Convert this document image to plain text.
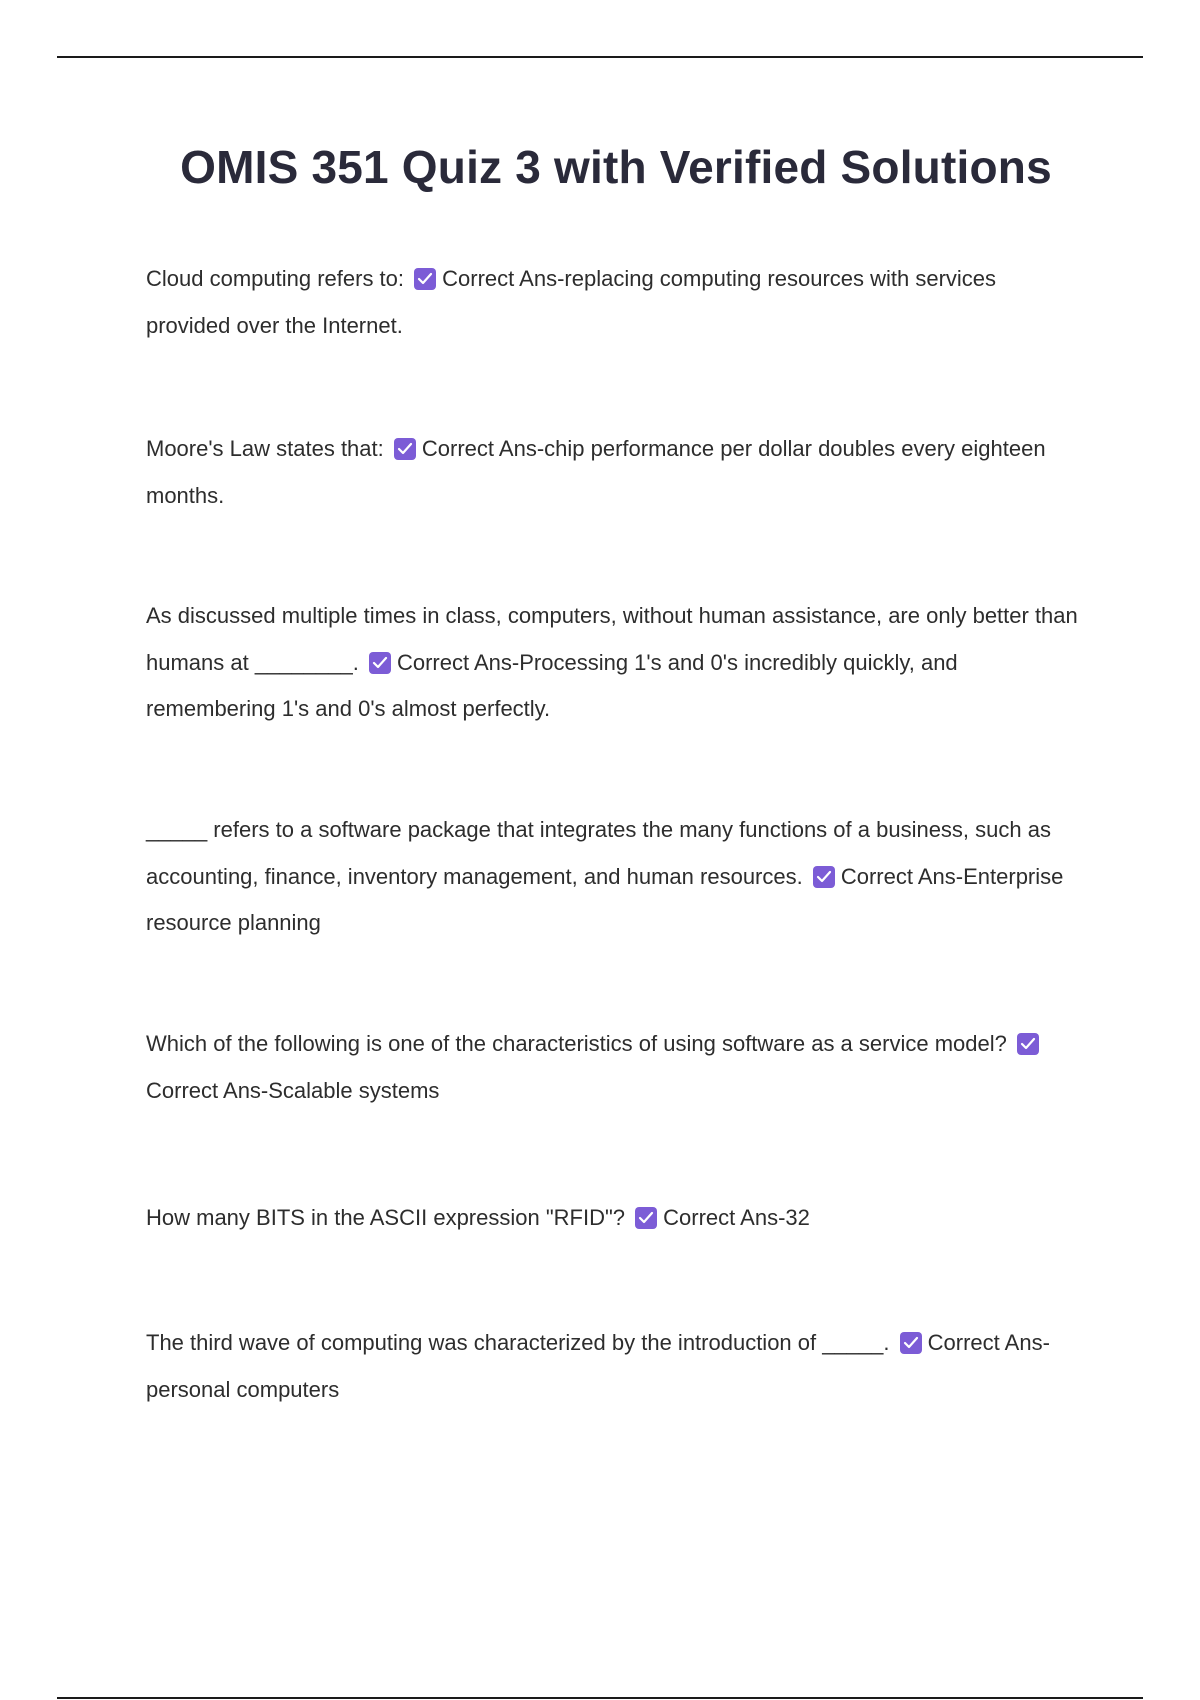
OMIS 351 Quiz 3 with Verified Solutions
Cloud computing refers to: Correct Ans-replacing computing resources with services provided over the Internet.
Moore's Law states that: Correct Ans-chip performance per dollar doubles every eighteen months.
As discussed multiple times in class, computers, without human assistance, are only better than humans at ________. Correct Ans-Processing 1's and 0's incredibly quickly, and remembering 1's and 0's almost perfectly.
_____ refers to a software package that integrates the many functions of a business, such as accounting, finance, inventory management, and human resources. Correct Ans-Enterprise resource planning
Which of the following is one of the characteristics of using software as a service model?
Correct Ans-Scalable systems
How many BITS in the ASCII expression "RFID"? Correct Ans-32
The third wave of computing was characterized by the introduction of _____. Correct Ans-personal computers
